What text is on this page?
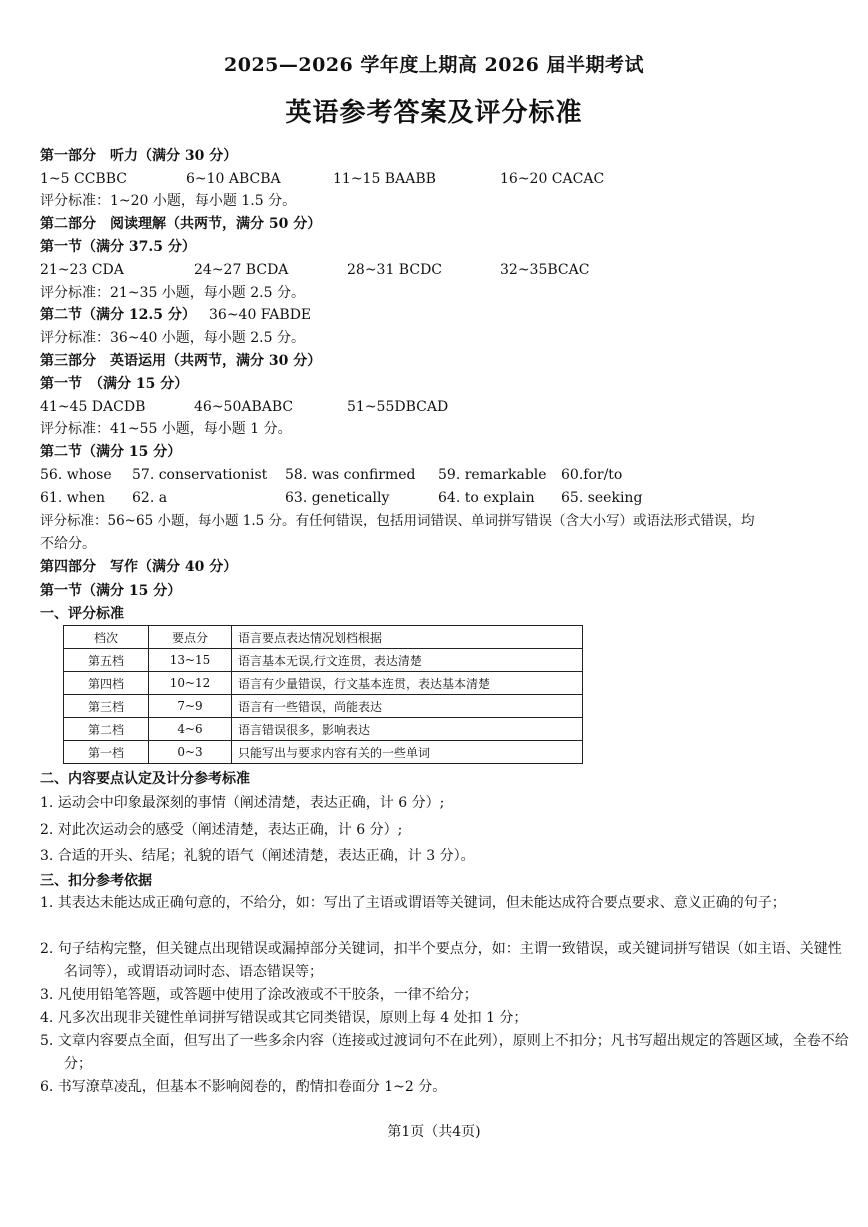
2025—2026 学年度上期高 2026 届半期考试
英语参考答案及评分标准
第一部分　听力（满分 30 分）
1~5 CCBBC	6~10 ABCBA	11~15 BAABB	16~20 CACAC
评分标准：1~20 小题，每小题 1.5 分。
第二部分　阅读理解（共两节，满分 50 分）
第一节（满分 37.5 分）
21~23 CDA	24~27 BCDA	28~31 BCDC	32~35BCAC
评分标准：21~35 小题，每小题 2.5 分。
第二节（满分 12.5 分） 36~40 FABDE
评分标准：36~40 小题，每小题 2.5 分。
第三部分　英语运用（共两节，满分 30 分）
第一节　（满分 15 分）
41~45 DACDB	46~50ABABC	51~55DBCAD
评分标准：41~55 小题，每小题 1 分。
第二节（满分 15 分）
56. whose 57. conservationist 58. was confirmed 59. remarkable 60.for/to
61. when 62. a	63. genetically	64. to explain 65. seeking
评分标准：56~65 小题，每小题 1.5 分。有任何错误，包括用词错误、单词拼写错误（含大小写）或语法形式错误，均
不给分。
第四部分　写作（满分 40 分）
第一节（满分 15 分）
一、评分标准
档次	要点分	语言要点表达情况划档根据
第五档	13~15	语言基本无误,行文连贯，表达清楚
第四档	10~12	语言有少量错误，行文基本连贯，表达基本清楚
第三档	7~9	语言有一些错误，尚能表达
第二档	4~6	语言错误很多，影响表达
第一档	0~3	只能写出与要求内容有关的一些单词
二、内容要点认定及计分参考标准
1. 运动会中印象最深刻的事情（阐述清楚，表达正确，计 6 分）;
2. 对此次运动会的感受（阐述清楚，表达正确，计 6 分）;
3. 合适的开头、结尾；礼貌的语气（阐述清楚，表达正确，计 3 分）。
三、扣分参考依据
1. 其表达未能达成正确句意的，不给分，如：写出了主语或谓语等关键词，但未能达成符合要点要求、意义正确的句子；
2. 句子结构完整，但关键点出现错误或漏掉部分关键词，扣半个要点分，如：主谓一致错误，或关键词拼写错误（如主语、关键性名词等），或谓语动词时态、语态错误等；
3. 凡使用铅笔答题，或答题中使用了涂改液或不干胶条，一律不给分；
4. 凡多次出现非关键性单词拼写错误或其它同类错误，原则上每 4 处扣 1 分；
5. 文章内容要点全面，但写出了一些多余内容（连接或过渡词句不在此列），原则上不扣分；凡书写超出规定的答题区域，全卷不给分；
6. 书写潦草凌乱，但基本不影响阅卷的，酌情扣卷面分 1~2 分。
第1页（共4页)
